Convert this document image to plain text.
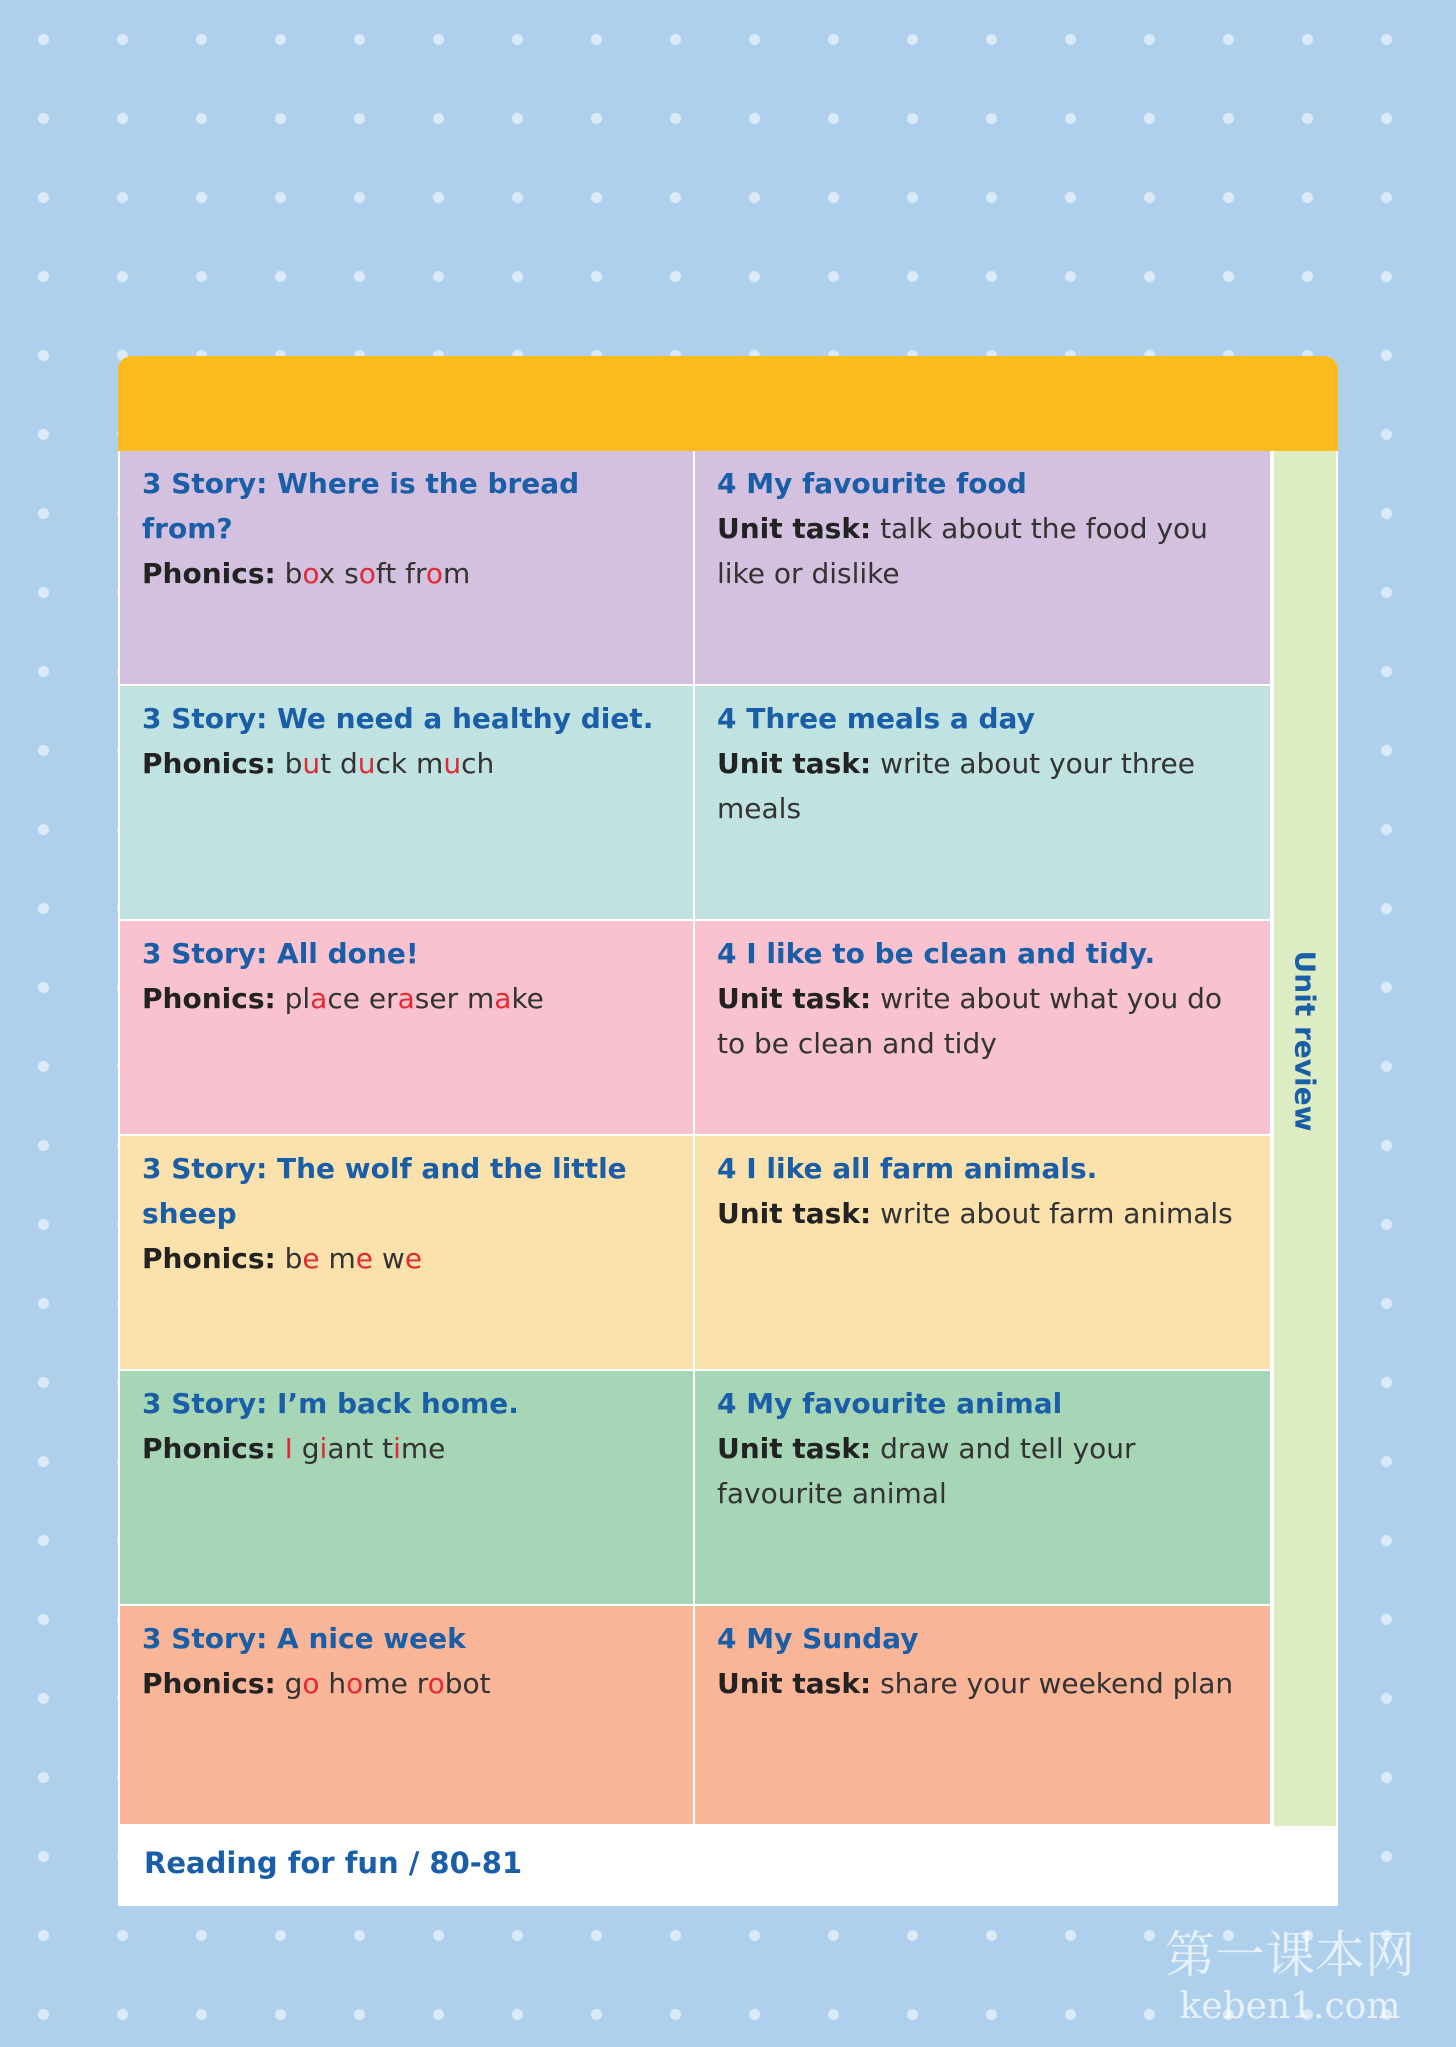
3 Story: Where is the bread from?
Phonics: box soft from
4 My favourite food
Unit task: talk about the food you like or dislike
3 Story: We need a healthy diet.
Phonics: but duck much
4 Three meals a day
Unit task: write about your three meals
3 Story: All done!
Phonics: place eraser make
4 I like to be clean and tidy.
Unit task: write about what you do to be clean and tidy
3 Story: The wolf and the little sheep
Phonics: be me we
4 I like all farm animals.
Unit task: write about farm animals
3 Story: I’m back home.
Phonics: I giant time
4 My favourite animal
Unit task: draw and tell your favourite animal
3 Story: A nice week
Phonics: go home robot
4 My Sunday
Unit task: share your weekend plan
Unit review
Reading for fun / 80-81
第一课本网
keben1.com
